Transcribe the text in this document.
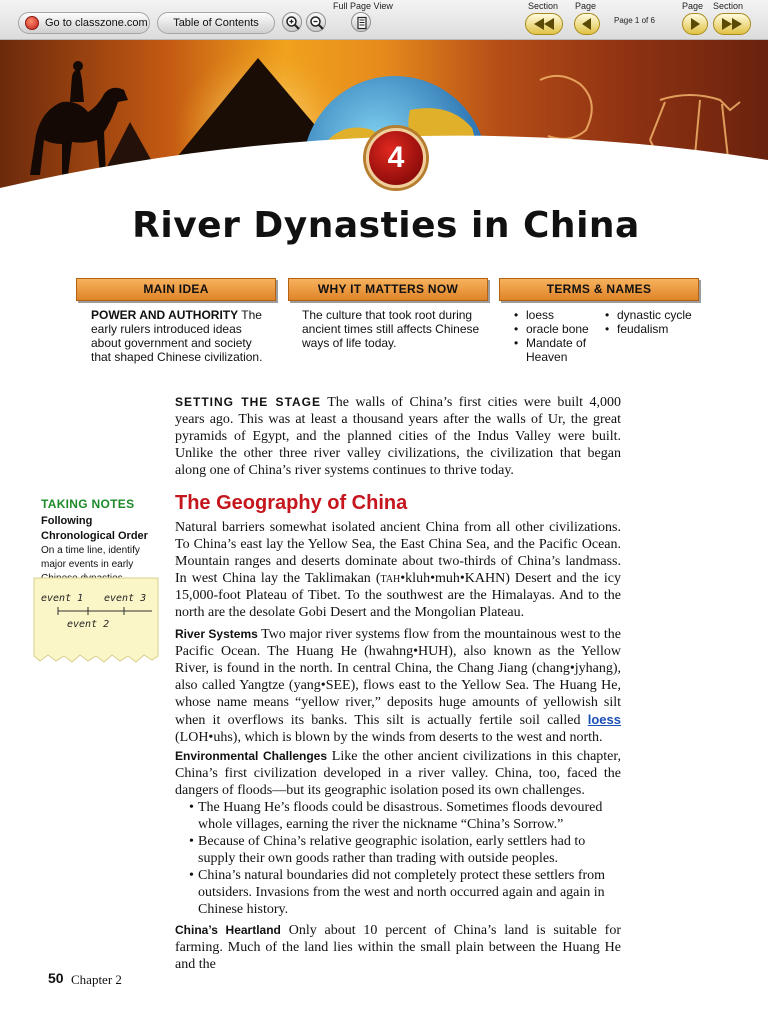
Go to classzone.com	Table of Contents
Full Page View	Section Page
Page 1 of 6
Page Section
4
River Dynasties in China
MAIN IDEA	WHY IT MATTERS NOW	TERMS & NAMES
POWER AND AUTHORITY The early rulers introduced ideas about government and society that shaped Chinese civilization.
The culture that took root during ancient times still affects Chinese ways of life today.
• loess
• oracle bone
• Mandate of Heaven
• dynastic cycle
• feudalism

SETTING THE STAGE The walls of China’s first cities were built 4,000 years ago. This was at least a thousand years after the walls of Ur, the great pyramids of Egypt, and the planned cities of the Indus Valley were built. Unlike the other three river valley civilizations, the civilization that began along one of China’s river systems continues to thrive today.

TAKING NOTES
Following Chronological Order On a time line, identify major events in early
event 1 event 3
event 2
The Geography of China

Natural barriers somewhat isolated ancient China from all other civilizations. To China’s east lay the Yellow Sea, the East China Sea, and the Pacific Ocean. Mountain ranges and deserts dominate about two-thirds of China’s landmass. In west China lay the Taklimakan (tah•kluh•muh•KAHN) Desert and the icy 15,000-foot Plateau of Tibet. To the southwest are the Himalayas. And to the north are the desolate Gobi Desert and the Mongolian Plateau.

River Systems Two major river systems flow from the mountainous west to the Pacific Ocean. The Huang He (hwahng•HUH), also known as the Yellow River, is found in the north. In central China, the Chang Jiang (chang•jyhang), also called Yangtze (yang•SEE), flows east to the Yellow Sea. The Huang He, whose name means “yellow river,” deposits huge amounts of yellowish silt when it overflows its banks. This silt is actually fertile soil called loess (LOH•uhs), which is blown by the winds from deserts to the west and north.

Environmental Challenges Like the other ancient civilizations in this chapter, China’s first civilization developed in a river valley. China, too, faced the dangers of floods—but its geographic isolation posed its own challenges.

• The Huang He’s floods could be disastrous. Sometimes floods devoured whole villages, earning the river the nickname “China’s Sorrow.”
• Because of China’s relative geographic isolation, early settlers had to supply their own goods rather than trading with outside peoples.
• China’s natural boundaries did not completely protect these settlers from outsiders. Invasions from the west and north occurred again and again in Chinese history.

China’s Heartland Only about 10 percent of China’s land is suitable for farming. Much of the land lies within the small plain between the Huang He and the

50 Chapter 2
